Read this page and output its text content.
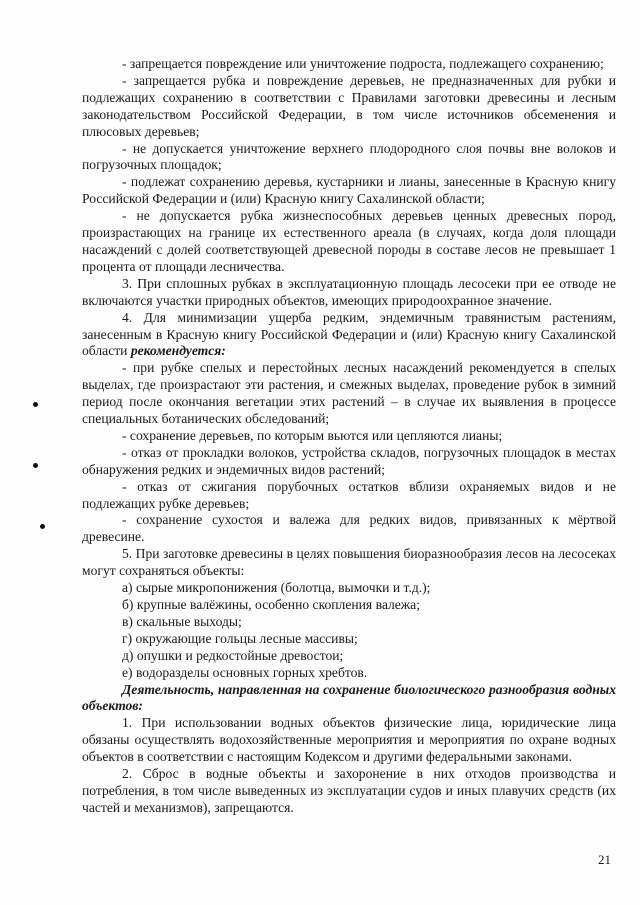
- запрещается повреждение или уничтожение подроста, подлежащего сохранению;

- запрещается рубка и повреждение деревьев, не предназначенных для рубки и подлежащих сохранению в соответствии с Правилами заготовки древесины и лесным законодательством Российской Федерации, в том числе источников обсеменения и плюсовых деревьев;

- не допускается уничтожение верхнего плодородного слоя почвы вне волоков и погрузочных площадок;

- подлежат сохранению деревья, кустарники и лианы, занесенные в Красную книгу Российской Федерации и (или) Красную книгу Сахалинской области;

- не допускается рубка жизнеспособных деревьев ценных древесных пород, произрастающих на границе их естественного ареала (в случаях, когда доля площади насаждений с долей соответствующей древесной породы в составе лесов не превышает 1 процента от площади лесничества.

3. При сплошных рубках в эксплуатационную площадь лесосеки при ее отводе не включаются участки природных объектов, имеющих природоохранное значение.

4. Для минимизации ущерба редким, эндемичным травянистым растениям, занесенным в Красную книгу Российской Федерации и (или) Красную книгу Сахалинской области рекомендуется:

- при рубке спелых и перестойных лесных насаждений рекомендуется в спелых выделах, где произрастают эти растения, и смежных выделах, проведение рубок в зимний период после окончания вегетации этих растений – в случае их выявления в процессе специальных ботанических обследований;

- сохранение деревьев, по которым вьются или цепляются лианы;

- отказ от прокладки волоков, устройства складов, погрузочных площадок в местах обнаружения редких и эндемичных видов растений;

- отказ от сжигания порубочных остатков вблизи охраняемых видов и не подлежащих рубке деревьев;

- сохранение сухостоя и валежа для редких видов, привязанных к мёртвой древесине.

5. При заготовке древесины в целях повышения биоразнообразия лесов на лесосеках могут сохраняться объекты:

а) сырые микропонижения (болотца, вымочки и т.д.);

б) крупные валёжины, особенно скопления валежа;

в) скальные выходы;

г) окружающие гольцы лесные массивы;

д) опушки и редкостойные древостои;

е) водоразделы основных горных хребтов.

Деятельность, направленная на сохранение биологического разнообразия водных объектов:

1. При использовании водных объектов физические лица, юридические лица обязаны осуществлять водохозяйственные мероприятия и мероприятия по охране водных объектов в соответствии с настоящим Кодексом и другими федеральными законами.

2. Сброс в водные объекты и захоронение в них отходов производства и потребления, в том числе выведенных из эксплуатации судов и иных плавучих средств (их частей и механизмов), запрещаются.

21
